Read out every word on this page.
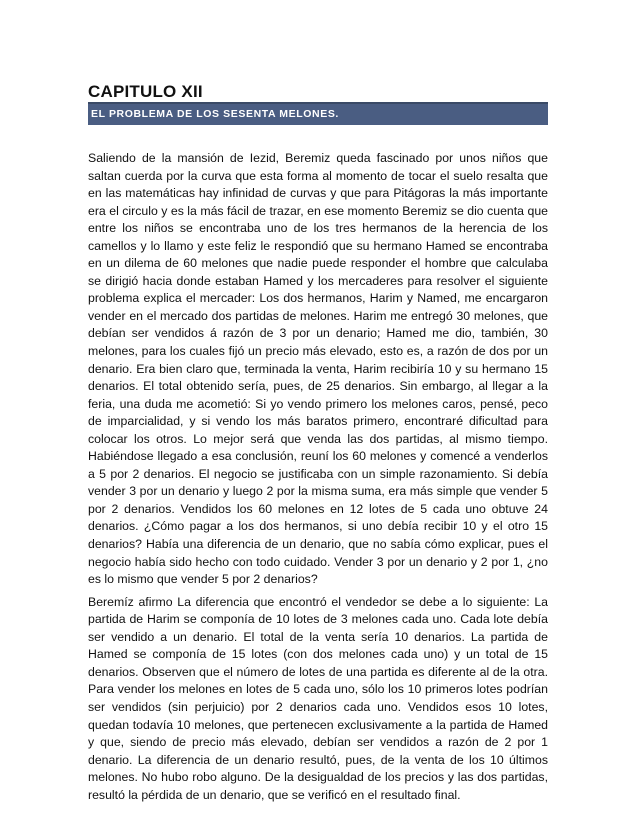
CAPITULO XII
EL PROBLEMA DE LOS SESENTA MELONES.

Saliendo de la mansión de Iezid, Beremiz queda fascinado por unos niños que saltan cuerda por la curva que esta forma al momento de tocar el suelo resalta que en las matemáticas hay infinidad de curvas y que para Pitágoras la más importante era el circulo y es la más fácil de trazar, en ese momento Beremiz se dio cuenta que entre los niños se encontraba uno de los tres hermanos de la herencia de los camellos y lo llamo y este feliz le respondió que su hermano Hamed se encontraba en un dilema de 60 melones que nadie puede responder el hombre que calculaba se dirigió hacia donde estaban Hamed y los mercaderes para resolver el siguiente problema explica el mercader: Los dos hermanos, Harim y Named, me encargaron vender en el mercado dos partidas de melones. Harim me entregó 30 melones, que debían ser vendidos á razón de 3 por un denario; Hamed me dio, también, 30 melones, para los cuales fijó un precio más elevado, esto es, a razón de dos por un denario. Era bien claro que, terminada la venta, Harim recibiría 10 y su hermano 15 denarios. El total obtenido sería, pues, de 25 denarios. Sin embargo, al llegar a la feria, una duda me acometió: Si yo vendo primero los melones caros, pensé, peco de imparcialidad, y si vendo los más baratos primero, encontraré dificultad para colocar los otros. Lo mejor será que venda las dos partidas, al mismo tiempo. Habiéndose llegado a esa conclusión, reuní los 60 melones y comencé a venderlos a 5 por 2 denarios. El negocio se justificaba con un simple razonamiento. Si debía vender 3 por un denario y luego 2 por la misma suma, era más simple que vender 5 por 2 denarios. Vendidos los 60 melones en 12 lotes de 5 cada uno obtuve 24 denarios. ¿Cómo pagar a los dos hermanos, si uno debía recibir 10 y el otro 15 denarios? Había una diferencia de un denario, que no sabía cómo explicar, pues el negocio había sido hecho con todo cuidado. Vender 3 por un denario y 2 por 1, ¿no es lo mismo que vender 5 por 2 denarios?

Beremíz afirmo La diferencia que encontró el vendedor se debe a lo siguiente: La partida de Harim se componía de 10 lotes de 3 melones cada uno. Cada lote debía ser vendido a un denario. El total de la venta sería 10 denarios. La partida de Hamed se componía de 15 lotes (con dos melones cada uno) y un total de 15 denarios. Observen que el número de lotes de una partida es diferente al de la otra. Para vender los melones en lotes de 5 cada uno, sólo los 10 primeros lotes podrían ser vendidos (sin perjuicio) por 2 denarios cada uno. Vendidos esos 10 lotes, quedan todavía 10 melones, que pertenecen exclusivamente a la partida de Hamed y que, siendo de precio más elevado, debían ser vendidos a razón de 2 por 1 denario. La diferencia de un denario resultó, pues, de la venta de los 10 últimos melones. No hubo robo alguno. De la desigualdad de los precios y las dos partidas, resultó la pérdida de un denario, que se verificó en el resultado final.
